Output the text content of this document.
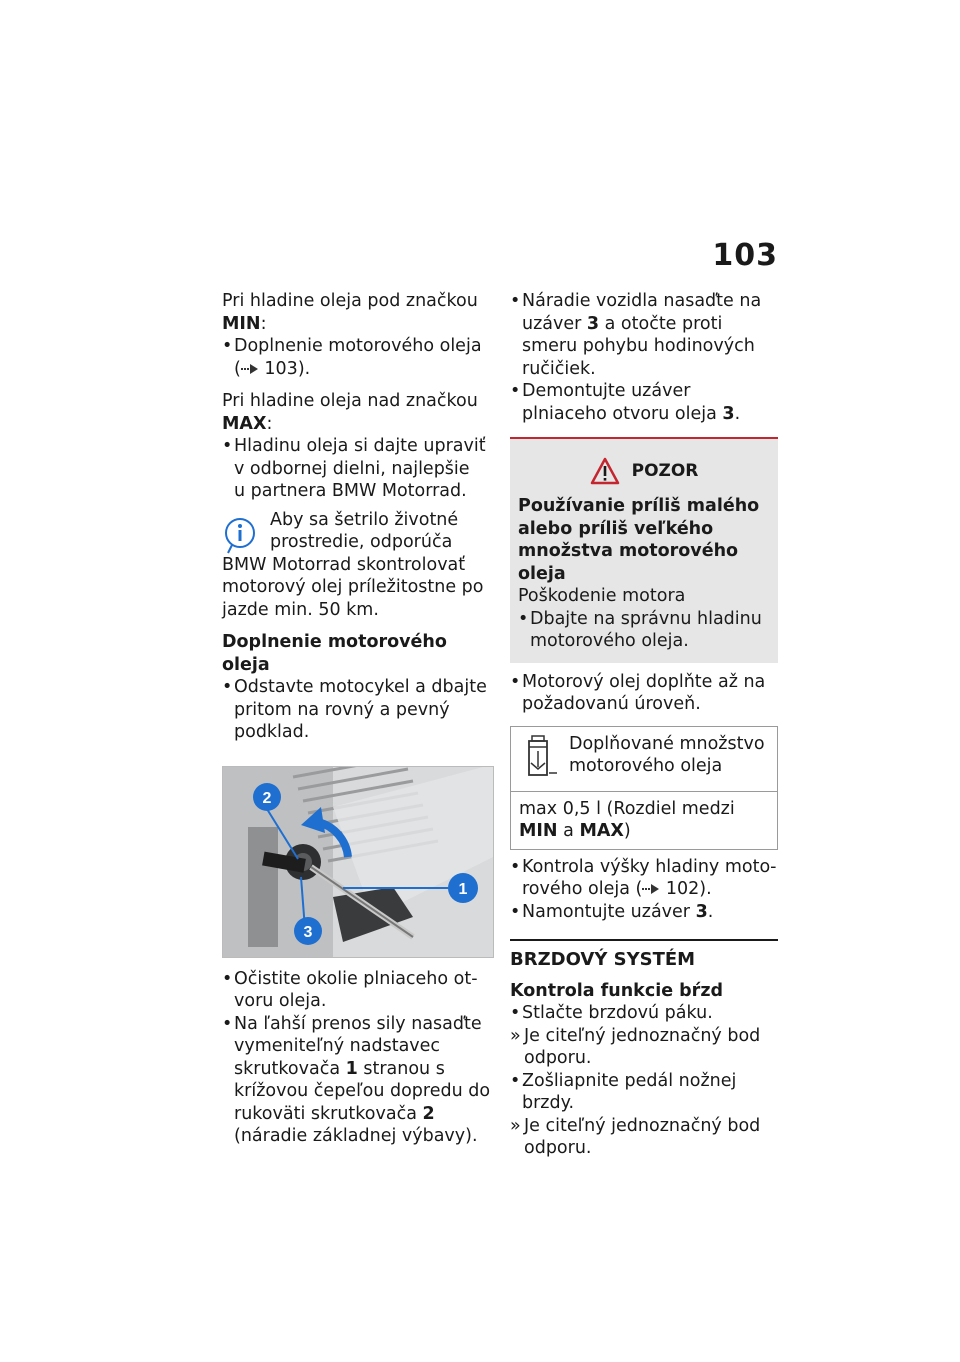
103

Pri hladine oleja pod značkou MIN:

• Doplnenie motorového oleja
( 103).

Pri hladine oleja nad značkou MAX:

• Hladinu oleja si dajte upraviť
v odbornej dielni, najlepšie
u partnera BMW Motorrad.
Aby sa šetrilo životné
prostredie, odporúča
BMW Motorrad skontrolovať motorový olej príležitostne po jazde min. 50 km.

Doplnenie motorového oleja

• Odstavte motocykel a dbajte pritom na rovný a pevný podklad.
2
3
1
• Očistite okolie plniaceho otvoru oleja.
• Na ľahší prenos sily nasaďte vymeniteľný nadstavec skrutkovača 1 stranou s krížovou čepeľou dopredu do rukoväti skrutkovača 2 (náradie základnej výbavy).
• Náradie vozidla nasaďte na uzáver 3 a otočte proti smeru pohybu hodinových ručičiek.
• Demontujte uzáver plniaceho otvoru oleja 3.
POZOR

Používanie príliš malého alebo príliš veľkého množstva motorového oleja

Poškodenie motora

• Dbajte na správnu hladinu motorového oleja.
• Motorový olej doplňte až na požadovanú úroveň.
Doplňované množstvo motorového oleja
max 0,5 l (Rozdiel medzi MIN a MAX)
• Kontrola výšky hladiny motorového oleja ( 102).
• Namontujte uzáver 3.
BRZDOVÝ SYSTÉM

Kontrola funkcie bŕzd

• Stlačte brzdovú páku.
» Je citeľný jednoznačný bod odporu.
• Zošliapnite pedál nožnej brzdy.
» Je citeľný jednoznačný bod odporu.
